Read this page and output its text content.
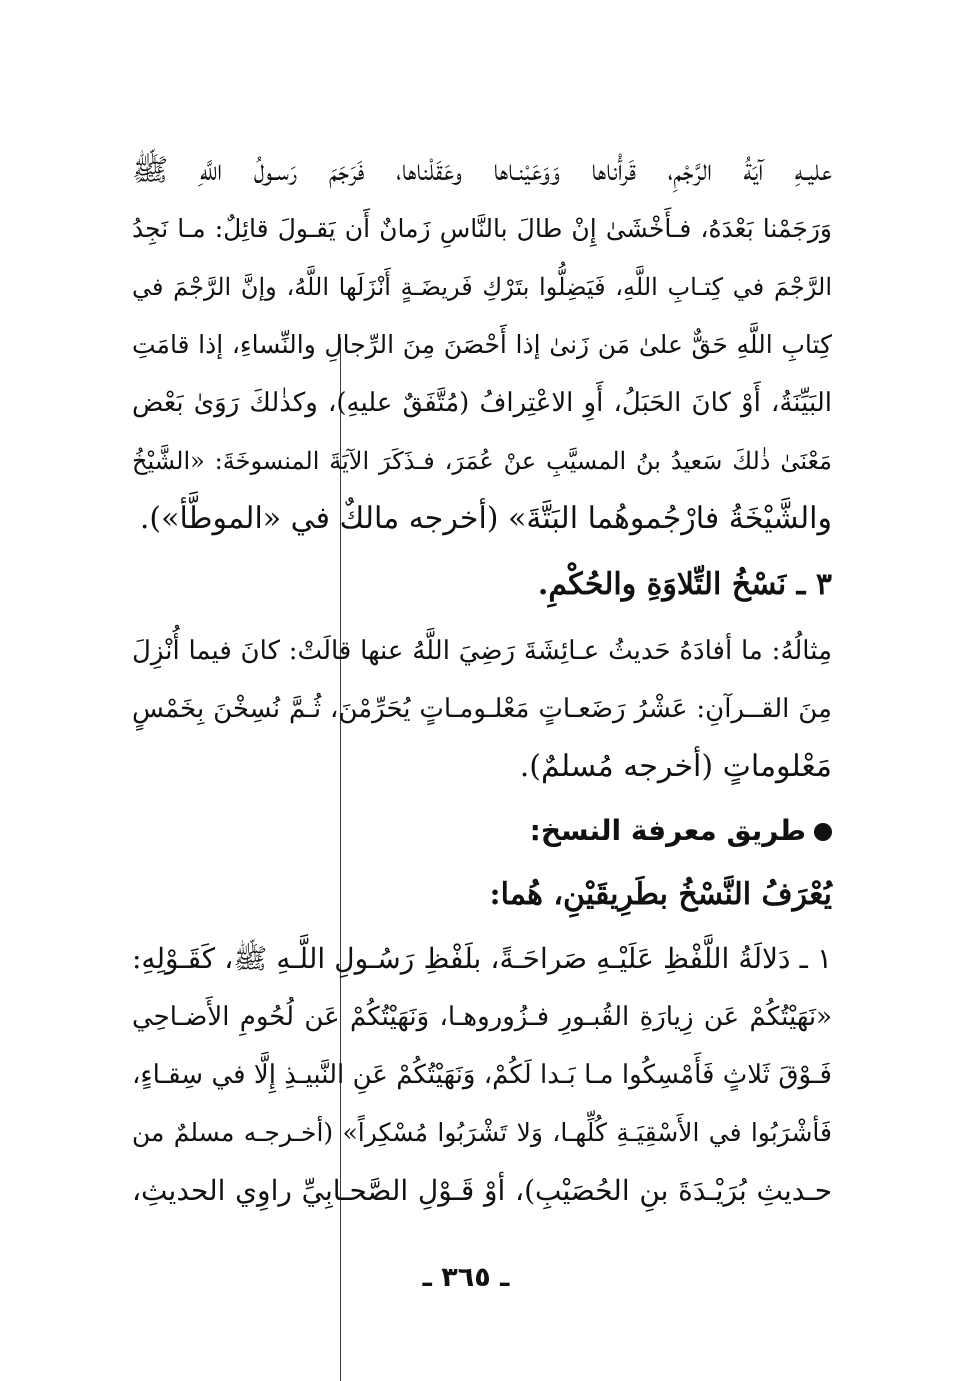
عليـهِ آيَةُ الرَّجْمِ، قَرأْناها وَوَعَيْنـاها وعَقَلْناها، فَرَجَمَ رَسـولُ اللَّهِ ﷺ
وَرَجَمْنا بَعْدَهُ، فـأَخْشَىٰ إِنْ طالَ بالنَّاسِ زَمانٌ أَن يَقـولَ قائِلٌ: مـا نَجِدُ
الرَّجْمَ في كِتـابِ اللَّهِ، فَيَضِلُّوا بتَرْكِ فَريضَـةٍ أَنْزَلَها اللَّهُ، وإنَّ الرَّجْمَ في
كِتابِ اللَّهِ حَقٌّ علىٰ مَن زَنىٰ إذا أَحْصَنَ مِنَ الرِّجالِ والنِّساءِ، إذا قامَتِ
البَيِّنَةُ، أَوْ كانَ الحَبَلُ، أَوِ الاعْتِرافُ (مُتَّفَقٌ عليهِ)، وكذٰلكَ رَوَىٰ بَعْض
مَعْنَىٰ ذٰلكَ سَعيدُ بنُ المسيَّبِ عنْ عُمَرَ، فـذَكَرَ الآيَةَ المنسوخَةَ: «الشَّيْخُ
والشَّيْخَةُ فارْجُموهُما البَتَّةَ» (أخرجه مالكٌ في «الموطَّأ»).
٣ ـ نَسْخُ التِّلاوَةِ والحُكْمِ.
مِثالُهُ: ما أفادَهُ حَديثُ عـائِشَةَ رَضِيَ اللَّهُ عنها قالَتْ: كانَ فيما أُنْزِلَ
مِنَ القــرآنِ: عَشْرُ رَضَعـاتٍ مَعْلـومـاتٍ يُحَرِّمْنَ، ثُـمَّ نُسِخْنَ بِخَمْسٍ
مَعْلوماتٍ (أخرجه مُسلمٌ).
طريق معرفة النسخ:
يُعْرَفُ النَّسْخُ بطَرِيقَيْنِ، هُما:
١ ـ دَلالَةُ اللَّفْظِ عَلَيْـهِ صَراحَـةً، بلَفْظِ رَسُـولِ اللَّـهِ ﷺ، كَقَـوْلِهِ:
«نَهَيْتُكُمْ عَن زِيارَةِ القُبـورِ فـزُوروهـا، وَنَهَيْتُكُمْ عَن لُحُومِ الأَضـاحِي
فَـوْقَ ثَلاثٍ فَأَمْسِكُوا مـا بَـدا لَكُمْ، وَنَهَيْتُكُمْ عَنِ النَّبيـذِ إِلَّا في سِقـاءٍ،
فَأشْرَبُوا في الأَسْقِيَـةِ كُلِّهـا، وَلا تَشْرَبُوا مُسْكِراً» (أخـرجـه مسلمٌ من
حـديثِ بُرَيْـدَةَ بنِ الحُصَيْبِ)، أوْ قَـوْلِ الصَّحـابِيِّ راوِي الحديثِ،
ـ ٣٦٥ ـ
